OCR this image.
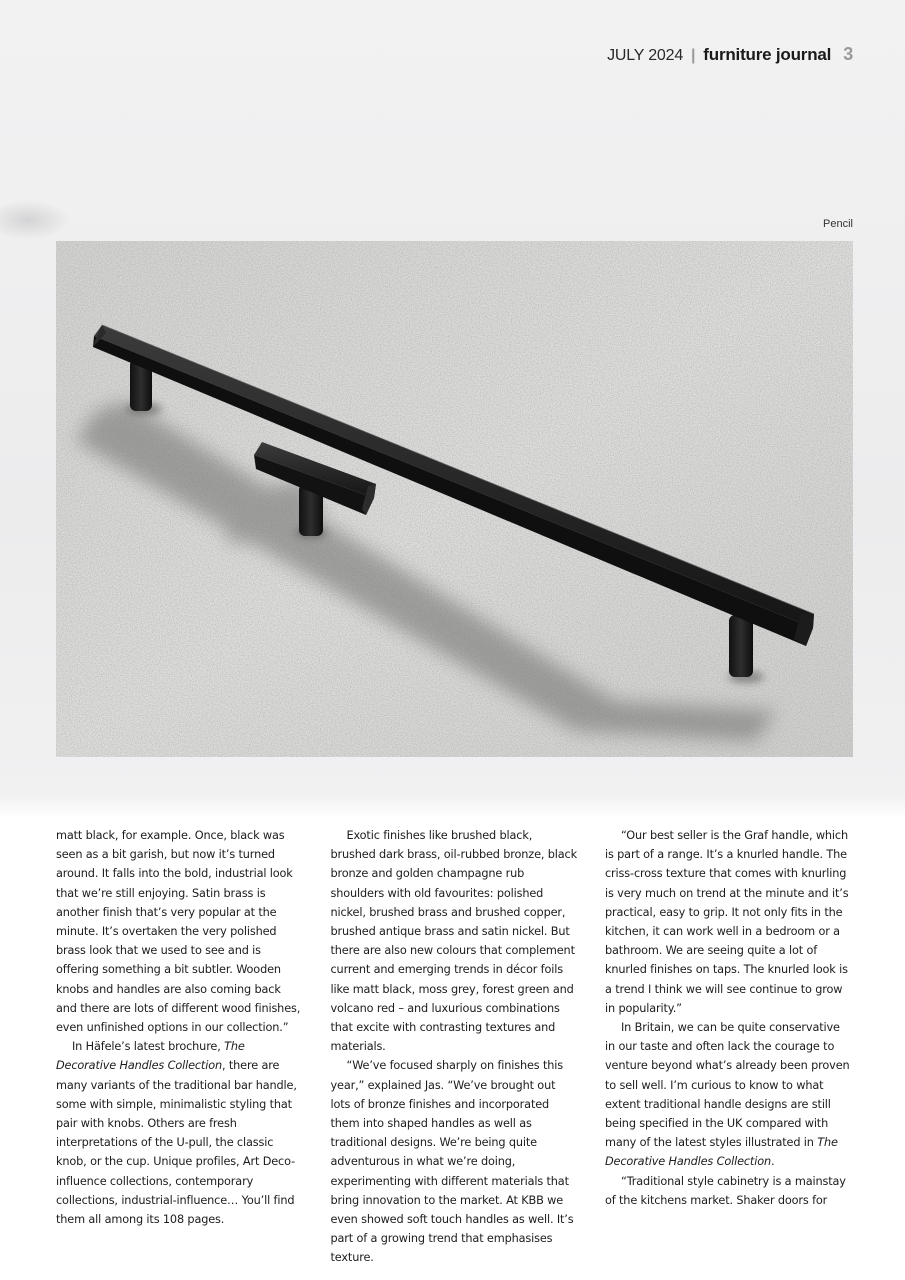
JULY 2024 | furniture journal 3
Pencil

matt black, for example. Once, black was seen as a bit garish, but now it’s turned around. It falls into the bold, industrial look that we’re still enjoying. Satin brass is another finish that’s very popular at the minute. It’s overtaken the very polished brass look that we used to see and is offering something a bit subtler. Wooden knobs and handles are also coming back and there are lots of different wood finishes, even unfinished options in our collection.”

In Häfele’s latest brochure, The Decorative Handles Collection, there are many variants of the traditional bar handle, some with simple, minimalistic styling that pair with knobs. Others are fresh interpretations of the U-pull, the classic knob, or the cup. Unique profiles, Art Deco-influence collections, contemporary collections, industrial-influence… You’ll find them all among its 108 pages.

Exotic finishes like brushed black, brushed dark brass, oil-rubbed bronze, black bronze and golden champagne rub shoulders with old favourites: polished nickel, brushed brass and brushed copper, brushed antique brass and satin nickel. But there are also new colours that complement current and emerging trends in décor foils like matt black, moss grey, forest green and volcano red – and luxurious combinations that excite with contrasting textures and materials.

“We’ve focused sharply on finishes this year,” explained Jas. “We’ve brought out lots of bronze finishes and incorporated them into shaped handles as well as traditional designs. We’re being quite adventurous in what we’re doing, experimenting with different materials that bring innovation to the market. At KBB we even showed soft touch handles as well. It’s part of a growing trend that emphasises texture.

“Our best seller is the Graf handle, which is part of a range. It’s a knurled handle. The criss-cross texture that comes with knurling is very much on trend at the minute and it’s practical, easy to grip. It not only fits in the kitchen, it can work well in a bedroom or a bathroom. We are seeing quite a lot of knurled finishes on taps. The knurled look is a trend I think we will see continue to grow in popularity.”

In Britain, we can be quite conservative in our taste and often lack the courage to venture beyond what’s already been proven to sell well. I’m curious to know to what extent traditional handle designs are still being specified in the UK compared with many of the latest styles illustrated in The Decorative Handles Collection.

“Traditional style cabinetry is a mainstay of the kitchens market. Shaker doors for
